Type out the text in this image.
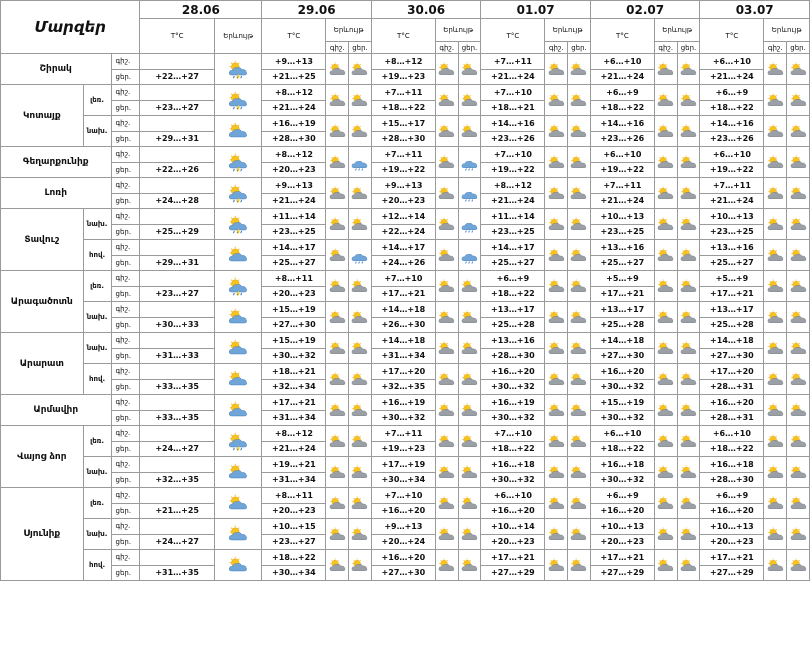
Մարզեր			28.06		29.06			30.06			01.07			02.07			03.07		
			T°C	Երևույթ	T°C	Երևույթ		T°C	Երևույթ		T°C	Երևույթ		T°C	Երևույթ		T°C	Երևույթ	
						գիշ.	ցեր.		գիշ.	ցեր.		գիշ.	ցեր.		գիշ.	ցեր.		գիշ.	ցեր.
Շիրակ		գիշ.			+9…+13			+8…+12			+7…+11			+6…+10			+6…+10		
		ցեր.	+22…+27		+21…+25			+19…+23			+21…+24			+21…+24			+21…+24		
Կոտայք	լեռ.	գիշ.			+8…+12			+7…+11			+7…+10			+6…+9			+6…+9		
		ցեր.	+23…+27		+21…+24			+18…+22			+18…+21			+18…+22			+18…+22		
	նախ.	գիշ.			+16…+19			+15…+17			+14…+16			+14…+16			+14…+16		
		ցեր.	+29…+31		+28…+30			+28…+30			+23…+26			+23…+26			+23…+26		
Գեղարքունիք		գիշ.			+8…+12			+7…+11			+7…+10			+6…+10			+6…+10		
		ցեր.	+22…+26		+20…+23			+19…+22			+19…+22			+19…+22			+19…+22		
Լոռի		գիշ.			+9…+13			+9…+13			+8…+12			+7…+11			+7…+11		
		ցեր.	+24…+28		+21…+24			+20…+23			+21…+24			+21…+24			+21…+24		
Տավուշ	նախ.	գիշ.			+11…+14			+12…+14			+11…+14			+10…+13			+10…+13		
		ցեր.	+25…+29		+23…+25			+22…+24			+23…+25			+23…+25			+23…+25		
	հով.	գիշ.			+14…+17			+14…+17			+14…+17			+13…+16			+13…+16		
		ցեր.	+29…+31		+25…+27			+24…+26			+25…+27			+25…+27			+25…+27		
Արագածոտն	լեռ.	գիշ.			+8…+11			+7…+10			+6…+9			+5…+9			+5…+9		
		ցեր.	+23…+27		+20…+23			+17…+21			+18…+22			+17…+21			+17…+21		
	նախ.	գիշ.			+15…+19			+14…+18			+13…+17			+13…+17			+13…+17		
		ցեր.	+30…+33		+27…+30			+26…+30			+25…+28			+25…+28			+25…+28		
Արարատ	նախ.	գիշ.			+15…+19			+14…+18			+13…+16			+14…+18			+14…+18		
		ցեր.	+31…+33		+30…+32			+31…+34			+28…+30			+27…+30			+27…+30		
	հով.	գիշ.			+18…+21			+17…+20			+16…+20			+16…+20			+17…+20		
		ցեր.	+33…+35		+32…+34			+32…+35			+30…+32			+30…+32			+28…+31		
Արմավիր		գիշ.			+17…+21			+16…+19			+16…+19			+15…+19			+16…+20		
		ցեր.	+33…+35		+31…+34			+30…+32			+30…+32			+30…+32			+28…+31		
Վայոց ձոր	լեռ.	գիշ.			+8…+12			+7…+11			+7…+10			+6…+10			+6…+10		
		ցեր.	+24…+27		+21…+24			+19…+23			+18…+22			+18…+22			+18…+22		
	նախ.	գիշ.			+19…+21			+17…+19			+16…+18			+16…+18			+16…+18		
		ցեր.	+32…+35		+31…+34			+30…+34			+30…+32			+30…+32			+28…+30		
Սյունիք	լեռ.	գիշ.			+8…+11			+7…+10			+6…+10			+6…+9			+6…+9		
		ցեր.	+21…+25		+20…+23			+16…+20			+16…+20			+16…+20			+16…+20		
	նախ.	գիշ.			+10…+15			+9…+13			+10…+14			+10…+13			+10…+13		
		ցեր.	+24…+27		+23…+27			+20…+24			+20…+23			+20…+23			+20…+23		
	հով.	գիշ.			+18…+22			+16…+20			+17…+21			+17…+21			+17…+21		
		ցեր.	+31…+35		+30…+34			+27…+30			+27…+29			+27…+29			+27…+29		
